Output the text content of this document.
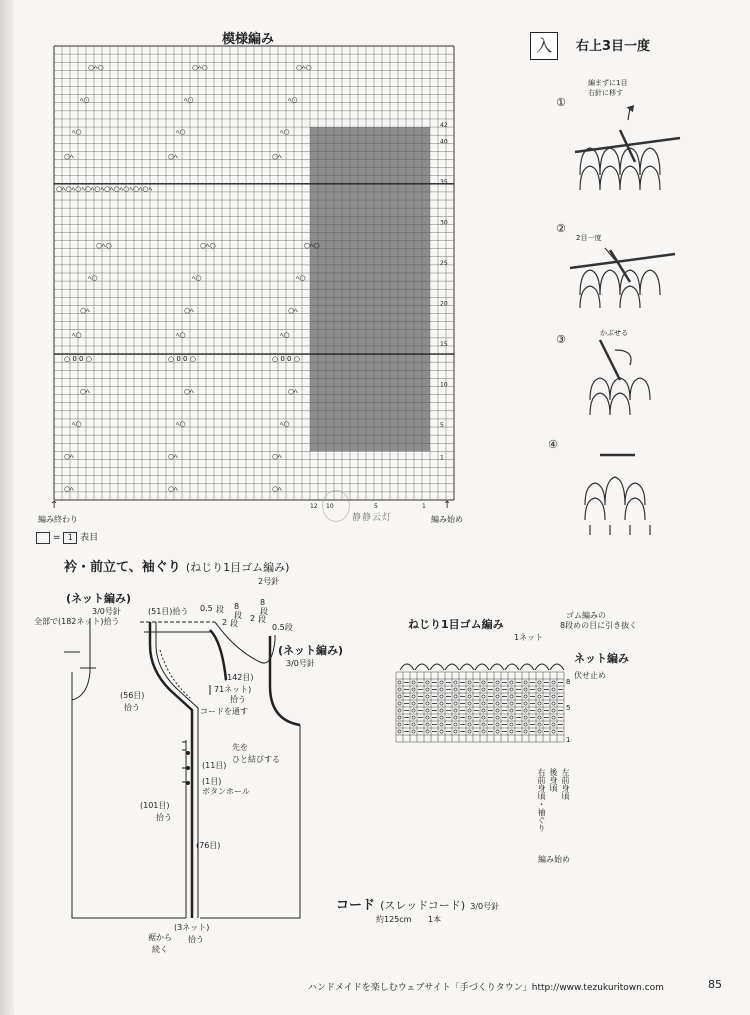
模様編み
○ﾍ○	○ﾍ○	○ﾍ○
ﾍ○	ﾍ○	ﾍ○
ﾍ○	ﾍ○	ﾍ○
○ﾍ	○ﾍ	○ﾍ
○ﾍ○ﾍ○ﾍ○ﾍ○ﾍ○ﾍ○ﾍ○ﾍ○ﾍ○ﾍ
○ﾍ○	○ﾍ○	○ﾍ○
ﾍ○	ﾍ○	ﾍ○
○ﾍ	○ﾍ	○ﾍ
ﾍ○	ﾍ○	ﾍ○
○ 0 0 ○	○ 0 0 ○	○ 0 0 ○
○ﾍ	○ﾍ	○ﾍ
ﾍ○	ﾍ○	ﾍ○
○ﾍ	○ﾍ	○ﾍ
○ﾍ	○ﾍ	○ﾍ
42
40
35
30
25
20
15
10
5
1
12 10	5	1
編み終わり	編み始め
↑	↑
静静云灯
= 1 表目
入	右上3目一度
①
編まずに1目
右針に移す
②
2目一度
③	かぶせる
④
衿・前立て、袖ぐり (ねじり1目ゴム編み)
2号針
(ネット編み)
3/0号針
全部で(182ネット)拾う
(51目)拾う 0.5 段 8
段
2 段
8
段
2 段
0.5段
(ネット編み)
3/0号針
(142目)
71ネット)
拾う
コードを通す
(56目)
拾う
先を
ひと結びする
(11目)
(1目)
ボタンホール
(101目)
拾う
(76目)
(3ネット)
拾う
裾から
続く
ねじり1目ゴム編み
ゴム編みの
8段めの目に引き抜く
1ネット
ネット編み
伏せ止め
8
5
1
左前身頃
後身頃
右前身頃・袖ぐり
編み始め
コード (スレッドコード) 3/0号針
約125cm 1本
ハンドメイドを楽しむウェブサイト「手づくりタウン」http://www.tezukuritown.com	85
